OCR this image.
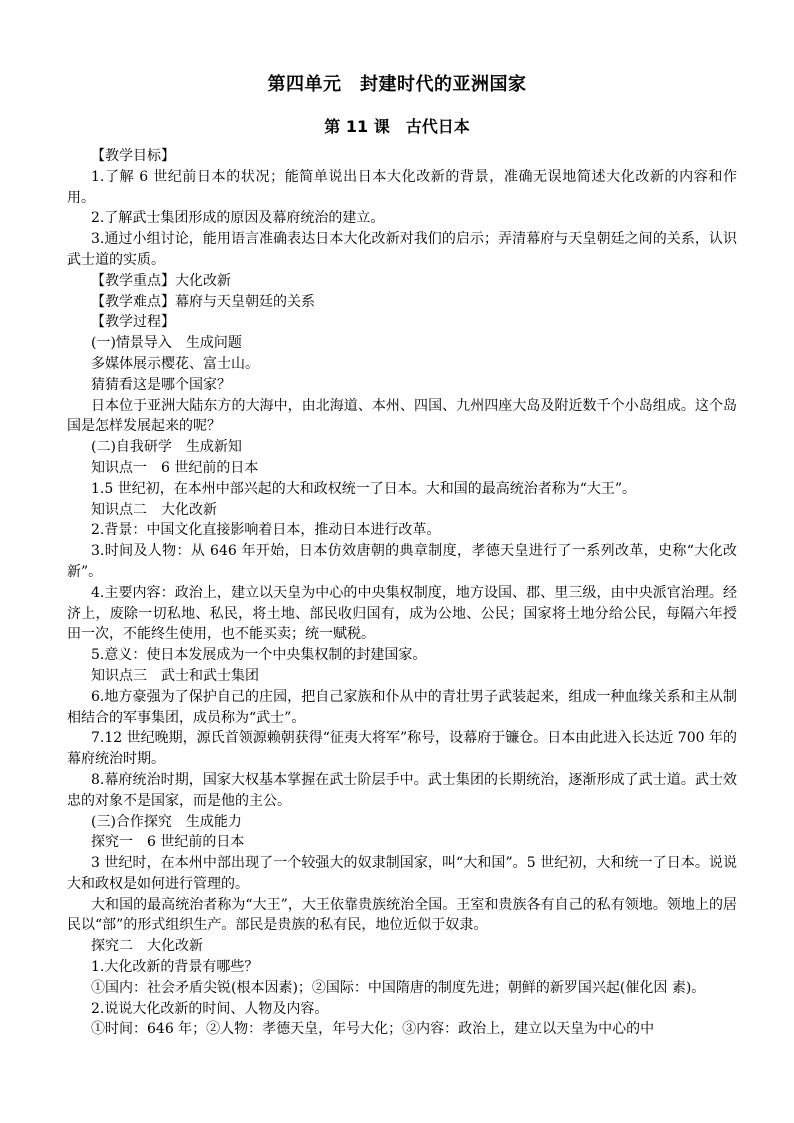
第四单元　封建时代的亚洲国家
第 11 课　古代日本

【教学目标】

1.了解 6 世纪前日本的状况；能简单说出日本大化改新的背景，准确无误地简述大化改新的内容和作用。

2.了解武士集团形成的原因及幕府统治的建立。

3.通过小组讨论，能用语言准确表达日本大化改新对我们的启示；弄清幕府与天皇朝廷之间的关系，认识武士道的实质。

【教学重点】大化改新

【教学难点】幕府与天皇朝廷的关系

【教学过程】

(一)情景导入　生成问题

多媒体展示樱花、富士山。

猜猜看这是哪个国家？

日本位于亚洲大陆东方的大海中，由北海道、本州、四国、九州四座大岛及附近数千个小岛组成。这个岛国是怎样发展起来的呢？

(二)自我研学　生成新知

知识点一　6 世纪前的日本

1.5 世纪初，在本州中部兴起的大和政权统一了日本。大和国的最高统治者称为“大王”。

知识点二　大化改新

2.背景：中国文化直接影响着日本，推动日本进行改革。

3.时间及人物：从 646 年开始，日本仿效唐朝的典章制度，孝德天皇进行了一系列改革，史称“大化改新”。

4.主要内容：政治上，建立以天皇为中心的中央集权制度，地方设国、郡、里三级，由中央派官治理。经济上，废除一切私地、私民，将土地、部民收归国有，成为公地、公民；国家将土地分给公民，每隔六年授田一次，不能终生使用，也不能买卖；统一赋税。

5.意义：使日本发展成为一个中央集权制的封建国家。

知识点三　武士和武士集团

6.地方豪强为了保护自己的庄园，把自己家族和仆从中的青壮男子武装起来，组成一种血缘关系和主从制相结合的军事集团，成员称为“武士”。

7.12 世纪晚期，源氏首领源赖朝获得“征夷大将军”称号，设幕府于镰仓。日本由此进入长达近 700 年的幕府统治时期。

8.幕府统治时期，国家大权基本掌握在武士阶层手中。武士集团的长期统治，逐渐形成了武士道。武士效忠的对象不是国家，而是他的主公。

(三)合作探究　生成能力

探究一　6 世纪前的日本

3 世纪时，在本州中部出现了一个较强大的奴隶制国家，叫“大和国”。5 世纪初，大和统一了日本。说说大和政权是如何进行管理的。

大和国的最高统治者称为“大王”，大王依靠贵族统治全国。王室和贵族各有自己的私有领地。领地上的居民以“部”的形式组织生产。部民是贵族的私有民，地位近似于奴隶。

探究二　大化改新

1.大化改新的背景有哪些？

①国内：社会矛盾尖锐(根本因素)；②国际：中国隋唐的制度先进；朝鲜的新罗国兴起(催化因 素)。

2.说说大化改新的时间、人物及内容。

①时间：646 年；②人物：孝德天皇，年号大化；③内容：政治上，建立以天皇为中心的中
